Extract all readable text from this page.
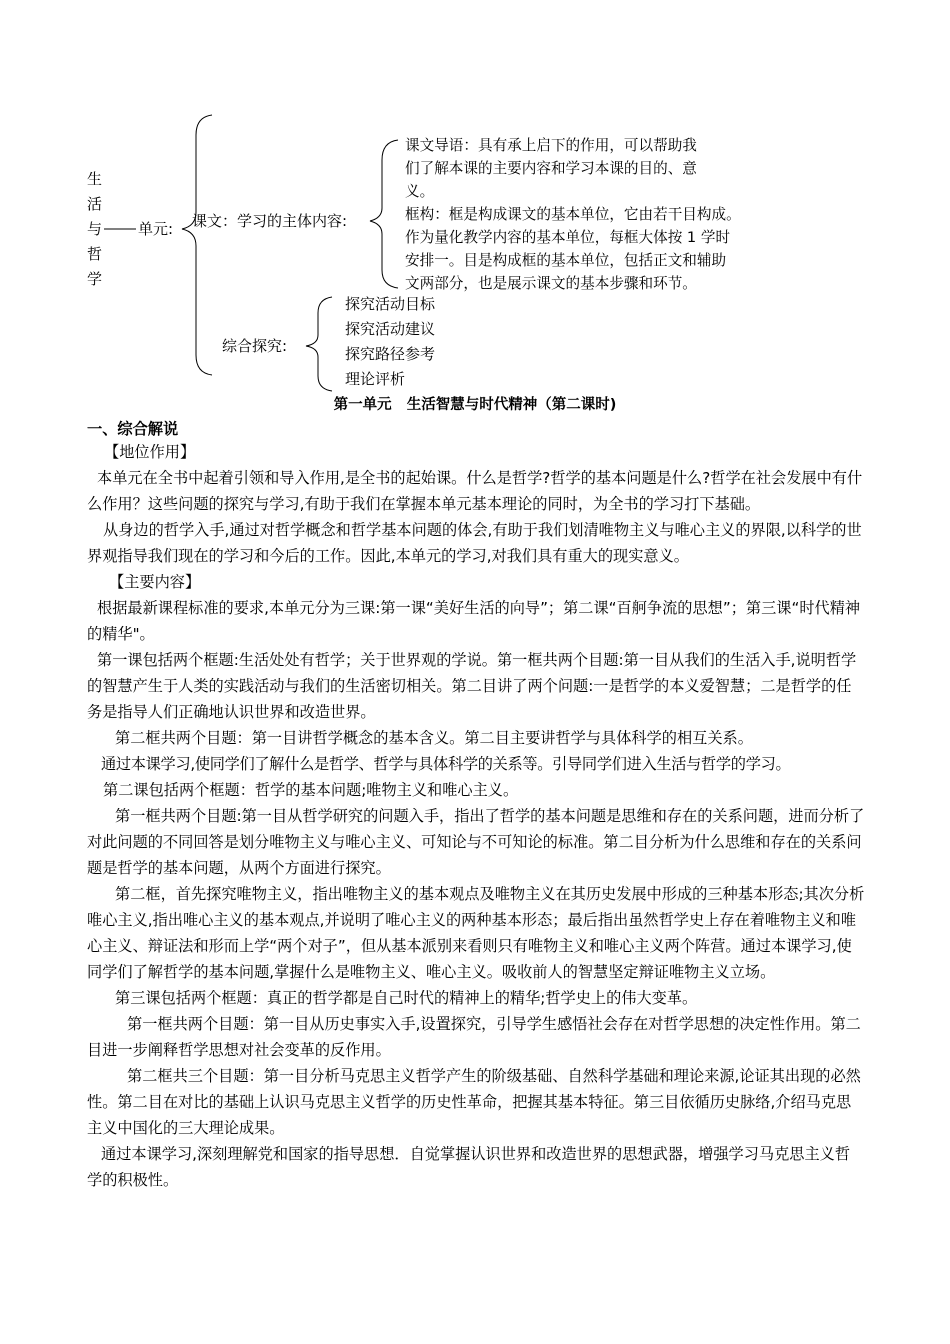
生
活
与
哲
学
单元: 课文：学习的主体内容:
课文导语：具有承上启下的作用，可以帮助我
们了解本课的主要内容和学习本课的目的、意
义。
框构：框是构成课文的基本单位，它由若干目构成。
作为量化教学内容的基本单位，每框大体按 1 学时
安排一。目是构成框的基本单位，包括正文和辅助
文两部分，也是展示课文的基本步骤和环节。
综合探究:
探究活动目标
探究活动建议
探究路径参考
理论评析
第一单元   生活智慧与时代精神（第二课时)
一、综合解说

【地位作用】

本单元在全书中起着引领和导入作用,是全书的起始课。什么是哲学?哲学的基本问题是什么?哲学在社会发展中有什么作用？这些问题的探究与学习,有助于我们在掌握本单元基本理论的同时，为全书的学习打下基础。

从身边的哲学入手,通过对哲学概念和哲学基本问题的体会,有助于我们划清唯物主义与唯心主义的界限,以科学的世界观指导我们现在的学习和今后的工作。因此,本单元的学习,对我们具有重大的现实意义。

【主要内容】

根据最新课程标准的要求,本单元分为三课:第一课“美好生活的向导”；第二课“百舸争流的思想”；第三课“时代精神的精华"。

第一课包括两个框题:生活处处有哲学；关于世界观的学说。第一框共两个目题:第一目从我们的生活入手,说明哲学的智慧产生于人类的实践活动与我们的生活密切相关。第二目讲了两个问题:一是哲学的本义爱智慧；二是哲学的任务是指导人们正确地认识世界和改造世界。

第二框共两个目题：第一目讲哲学概念的基本含义。第二目主要讲哲学与具体科学的相互关系。

通过本课学习,使同学们了解什么是哲学、哲学与具体科学的关系等。引导同学们进入生活与哲学的学习。

第二课包括两个框题：哲学的基本问题;唯物主义和唯心主义。

第一框共两个目题:第一目从哲学研究的问题入手，指出了哲学的基本问题是思维和存在的关系问题，进而分析了对此问题的不同回答是划分唯物主义与唯心主义、可知论与不可知论的标准。第二目分析为什么思维和存在的关系问题是哲学的基本问题，从两个方面进行探究。

第二框，首先探究唯物主义，指出唯物主义的基本观点及唯物主义在其历史发展中形成的三种基本形态;其次分析唯心主义,指出唯心主义的基本观点,并说明了唯心主义的两种基本形态；最后指出虽然哲学史上存在着唯物主义和唯心主义、辩证法和形而上学“两个对子”，但从基本派别来看则只有唯物主义和唯心主义两个阵营。通过本课学习,使同学们了解哲学的基本问题,掌握什么是唯物主义、唯心主义。吸收前人的智慧坚定辩证唯物主义立场。

第三课包括两个框题：真正的哲学都是自己时代的精神上的精华;哲学史上的伟大变革。

第一框共两个目题：第一目从历史事实入手,设置探究，引导学生感悟社会存在对哲学思想的决定性作用。第二目进一步阐释哲学思想对社会变革的反作用。

第二框共三个目题：第一目分析马克思主义哲学产生的阶级基础、自然科学基础和理论来源,论证其出现的必然性。第二目在对比的基础上认识马克思主义哲学的历史性革命，把握其基本特征。第三目依循历史脉络,介绍马克思主义中国化的三大理论成果。

通过本课学习,深刻理解党和国家的指导思想．自觉掌握认识世界和改造世界的思想武器，增强学习马克思主义哲学的积极性。
